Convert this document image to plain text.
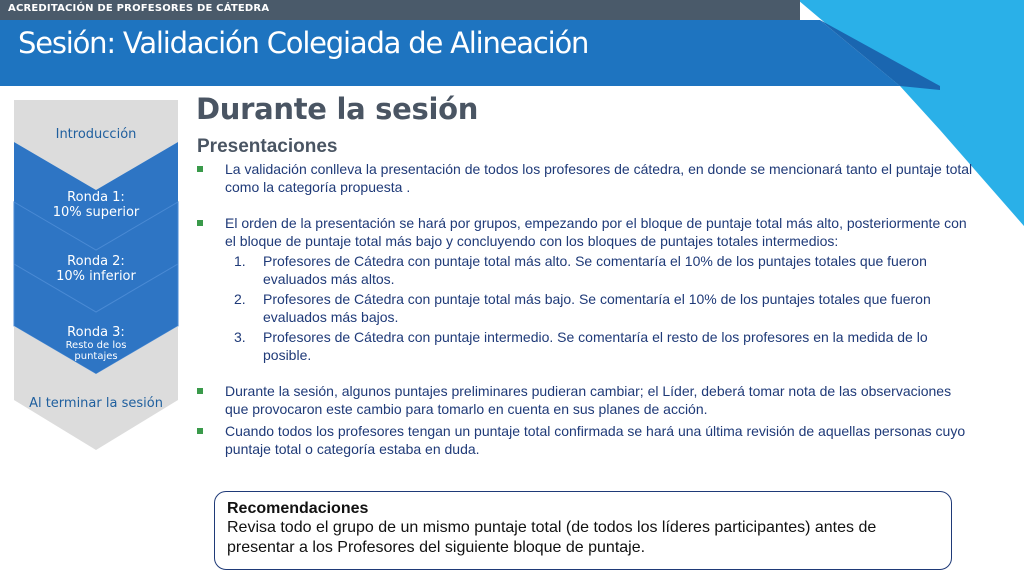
ACREDITACIÓN DE PROFESORES DE CÁTEDRA
Sesión: Validación Colegiada de Alineación
Introducción
Ronda 1:
10% superior
Ronda 2:
10% inferior
Ronda 3:
Resto de los
puntajes
Al terminar la sesión
Durante la sesión
Presentaciones
La validación conlleva la presentación de todos los profesores de cátedra, en donde se mencionará tanto el puntaje total como la categoría propuesta .
El orden de la presentación se hará por grupos, empezando por el bloque de puntaje total más alto, posteriormente con el bloque de puntaje total más bajo y concluyendo con los bloques de puntajes totales intermedios:
1. Profesores de Cátedra con puntaje total más alto. Se comentaría el 10% de los puntajes totales que fueron evaluados más altos.
2. Profesores de Cátedra con puntaje total más bajo. Se comentaría el 10% de los puntajes totales que fueron evaluados más bajos.
3. Profesores de Cátedra con puntaje intermedio. Se comentaría el resto de los profesores en la medida de lo posible.
Durante la sesión, algunos puntajes preliminares pudieran cambiar; el Líder, deberá tomar nota de las observaciones que provocaron este cambio para tomarlo en cuenta en sus planes de acción.
Cuando todos los profesores tengan un puntaje total confirmada se hará una última revisión de aquellas personas cuyo puntaje total o categoría estaba en duda.
Recomendaciones
Revisa todo el grupo de un mismo puntaje total (de todos los líderes participantes) antes de presentar a los Profesores del siguiente bloque de puntaje.
